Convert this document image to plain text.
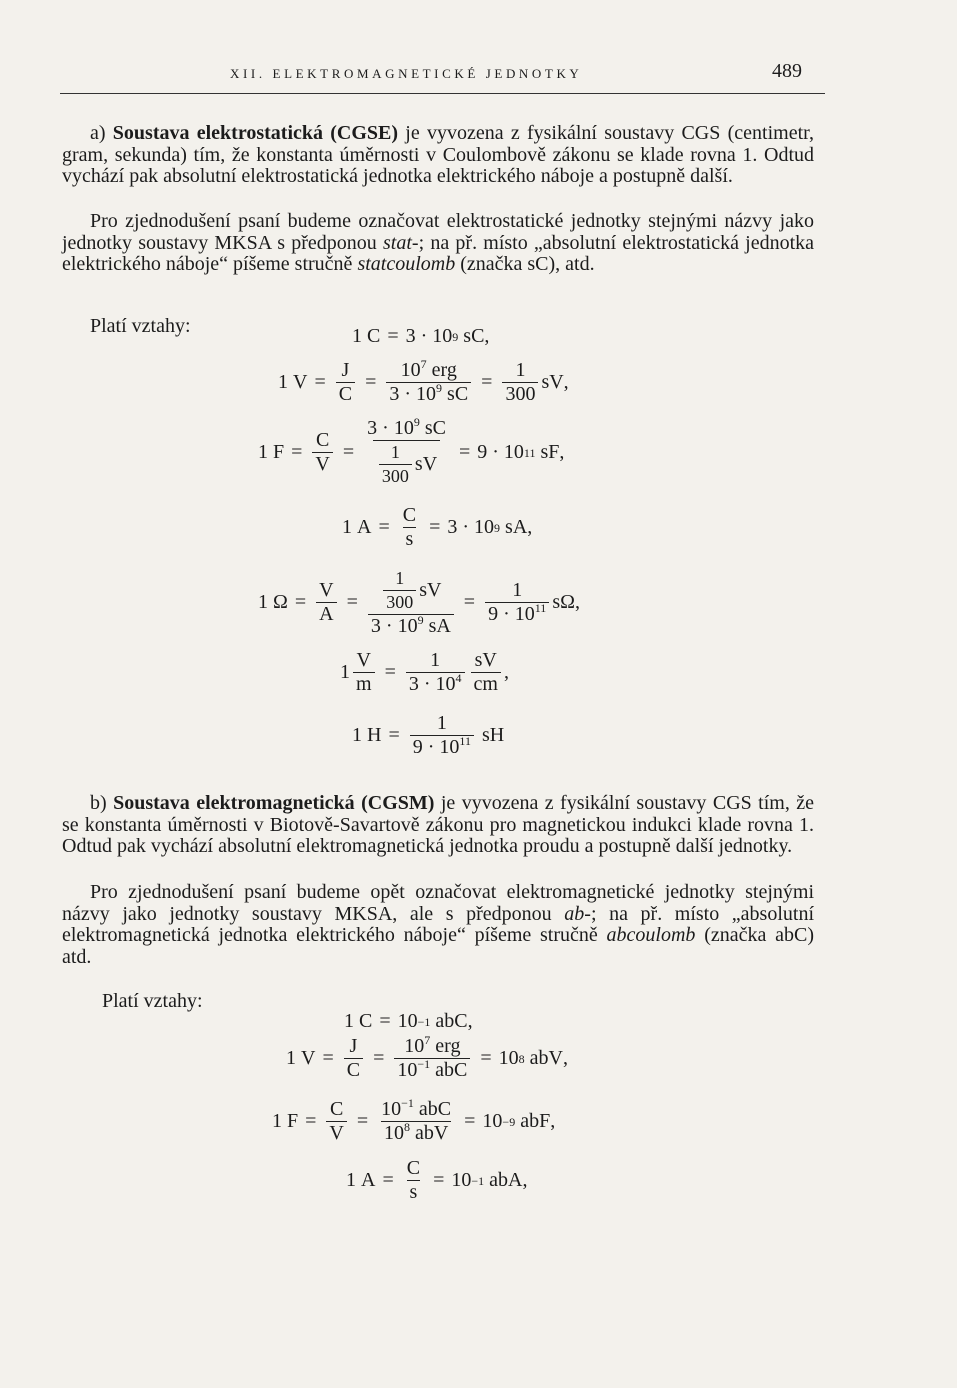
XII. ELEKTROMAGNETICKÉ JEDNOTKY	489
a) Soustava elektrostatická (CGSE) je vyvozena z fysikální soustavy CGS (centimetr, gram, sekunda) tím, že konstanta úměrnosti v Coulombově zákonu se klade rovna 1. Odtud vychází pak absolutní elektrostatická jednotka elektrického náboje a postupně další.
Pro zjednodušení psaní budeme označovat elektrostatické jednotky stejnými názvy jako jednotky soustavy MKSA s předponou stat-; na př. místo „absolutní elektrostatická jednotka elektrického náboje“ píšeme stručně statcoulomb (značka sC), atd.
Platí vztahy:	1 C = 3 · 10 9 sC ,
1 $V = \frac{J}{C} = \frac{10^7 erg}{3 \cdot 10^9 sC} = \frac{1}{300}$ sV ,
1 $F = \frac{C}{V} = \frac{3 \cdot 10^9 sC}{\frac{1}{300} sV} = 9 \cdot 10$ 11 sF ,
1 $A = \frac{C}{s} = 3 \cdot 10$ 9 sA ,
1 $\Omega = \frac{V}{A} = \frac{\frac{1}{300} sV}{3 \cdot 10^9 sA} = \frac{1}{9 \cdot 10^{11}}$ sΩ ,
$1 \frac{V}{m} = \frac{1}{3 \cdot 10^4} \frac{sV}{cm}$ ,
1 $H = \frac{1}{9 \cdot 10^{11}}$ sH
b) Soustava elektromagnetická (CGSM) je vyvozena z fysikální soustavy CGS tím, že se konstanta úměrnosti v Biotově-Savartově zákonu pro magnetickou indukci klade rovna 1. Odtud pak vychází absolutní elektromagnetická jednotka proudu a postupně další jednotky.
Pro zjednodušení psaní budeme opět označovat elektromagnetické jednotky stejnými názvy jako jednotky soustavy MKSA, ale s předponou ab-; na př. místo „absolutní elektromagnetická jednotka elektrického náboje“ píšeme stručně abcoulomb (značka abC) atd.
Platí vztahy:
1 C = 10 −1 abC ,
1 $V = \frac{J}{C} = \frac{10^7 erg}{10^{-1} abC} = 10$ 8 abV ,
1 $F = \frac{C}{V} = \frac{10^{-1} abC}{10^8 abV} = 10 -9$ abF ,
1 $A = \frac{C}{s} = 10 -1$ abA ,
